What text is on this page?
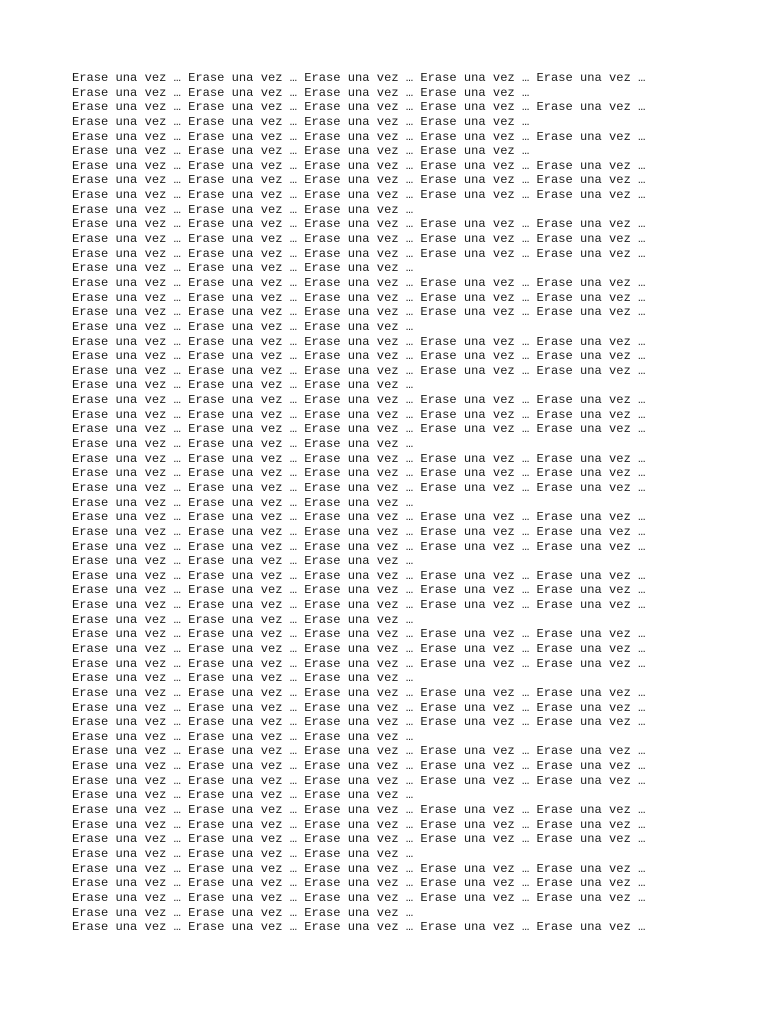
Erase una vez … Erase una vez … Erase una vez … Erase una vez … Erase una vez …

Erase una vez … Erase una vez … Erase una vez … Erase una vez …

Erase una vez … Erase una vez … Erase una vez … Erase una vez … Erase una vez …

Erase una vez … Erase una vez … Erase una vez … Erase una vez …

Erase una vez … Erase una vez … Erase una vez … Erase una vez … Erase una vez …

Erase una vez … Erase una vez … Erase una vez … Erase una vez …

Erase una vez … Erase una vez … Erase una vez … Erase una vez … Erase una vez …

Erase una vez … Erase una vez … Erase una vez … Erase una vez … Erase una vez …

Erase una vez … Erase una vez … Erase una vez … Erase una vez … Erase una vez …

Erase una vez … Erase una vez … Erase una vez …

Erase una vez … Erase una vez … Erase una vez … Erase una vez … Erase una vez …

Erase una vez … Erase una vez … Erase una vez … Erase una vez … Erase una vez …

Erase una vez … Erase una vez … Erase una vez … Erase una vez … Erase una vez …

Erase una vez … Erase una vez … Erase una vez …

Erase una vez … Erase una vez … Erase una vez … Erase una vez … Erase una vez …

Erase una vez … Erase una vez … Erase una vez … Erase una vez … Erase una vez …

Erase una vez … Erase una vez … Erase una vez … Erase una vez … Erase una vez …

Erase una vez … Erase una vez … Erase una vez …

Erase una vez … Erase una vez … Erase una vez … Erase una vez … Erase una vez …

Erase una vez … Erase una vez … Erase una vez … Erase una vez … Erase una vez …

Erase una vez … Erase una vez … Erase una vez … Erase una vez … Erase una vez …

Erase una vez … Erase una vez … Erase una vez …

Erase una vez … Erase una vez … Erase una vez … Erase una vez … Erase una vez …

Erase una vez … Erase una vez … Erase una vez … Erase una vez … Erase una vez …

Erase una vez … Erase una vez … Erase una vez … Erase una vez … Erase una vez …

Erase una vez … Erase una vez … Erase una vez …

Erase una vez … Erase una vez … Erase una vez … Erase una vez … Erase una vez …

Erase una vez … Erase una vez … Erase una vez … Erase una vez … Erase una vez …

Erase una vez … Erase una vez … Erase una vez … Erase una vez … Erase una vez …

Erase una vez … Erase una vez … Erase una vez …

Erase una vez … Erase una vez … Erase una vez … Erase una vez … Erase una vez …

Erase una vez … Erase una vez … Erase una vez … Erase una vez … Erase una vez …

Erase una vez … Erase una vez … Erase una vez … Erase una vez … Erase una vez …

Erase una vez … Erase una vez … Erase una vez …

Erase una vez … Erase una vez … Erase una vez … Erase una vez … Erase una vez …

Erase una vez … Erase una vez … Erase una vez … Erase una vez … Erase una vez …

Erase una vez … Erase una vez … Erase una vez … Erase una vez … Erase una vez …

Erase una vez … Erase una vez … Erase una vez …

Erase una vez … Erase una vez … Erase una vez … Erase una vez … Erase una vez …

Erase una vez … Erase una vez … Erase una vez … Erase una vez … Erase una vez …

Erase una vez … Erase una vez … Erase una vez … Erase una vez … Erase una vez …

Erase una vez … Erase una vez … Erase una vez …

Erase una vez … Erase una vez … Erase una vez … Erase una vez … Erase una vez …

Erase una vez … Erase una vez … Erase una vez … Erase una vez … Erase una vez …

Erase una vez … Erase una vez … Erase una vez … Erase una vez … Erase una vez …

Erase una vez … Erase una vez … Erase una vez …

Erase una vez … Erase una vez … Erase una vez … Erase una vez … Erase una vez …

Erase una vez … Erase una vez … Erase una vez … Erase una vez … Erase una vez …

Erase una vez … Erase una vez … Erase una vez … Erase una vez … Erase una vez …

Erase una vez … Erase una vez … Erase una vez …

Erase una vez … Erase una vez … Erase una vez … Erase una vez … Erase una vez …

Erase una vez … Erase una vez … Erase una vez … Erase una vez … Erase una vez …

Erase una vez … Erase una vez … Erase una vez … Erase una vez … Erase una vez …

Erase una vez … Erase una vez … Erase una vez …

Erase una vez … Erase una vez … Erase una vez … Erase una vez … Erase una vez …

Erase una vez … Erase una vez … Erase una vez … Erase una vez … Erase una vez …

Erase una vez … Erase una vez … Erase una vez … Erase una vez … Erase una vez …

Erase una vez … Erase una vez … Erase una vez …

Erase una vez … Erase una vez … Erase una vez … Erase una vez … Erase una vez …
